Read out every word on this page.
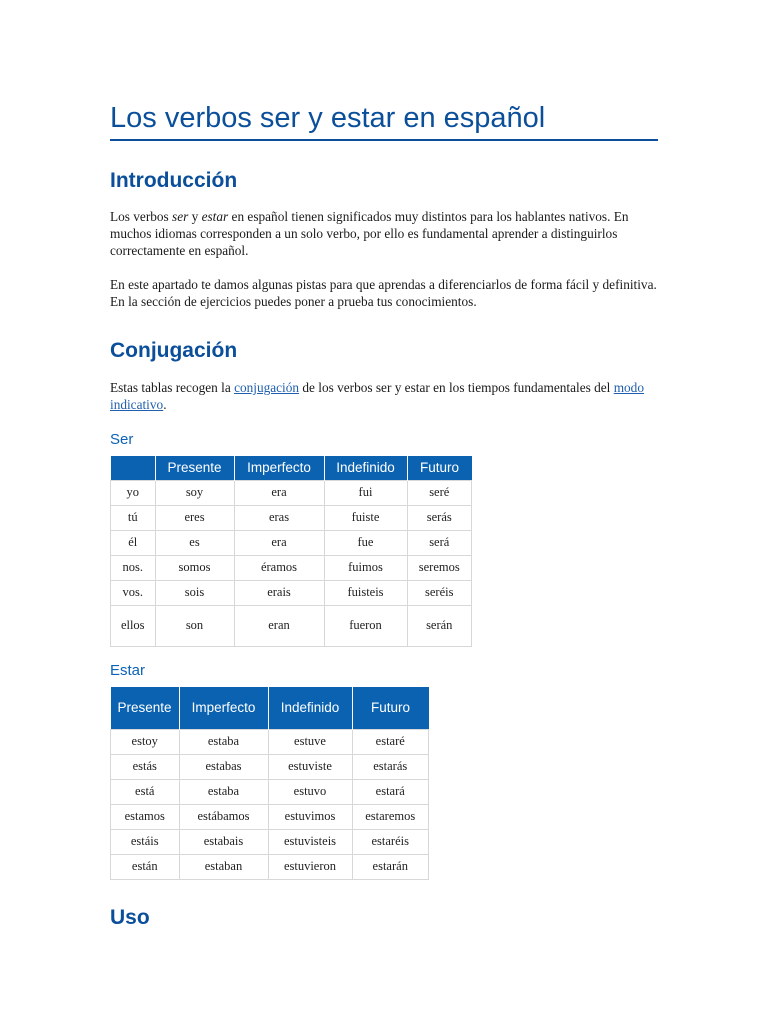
Los verbos ser y estar en español
Introducción

Los verbos ser y estar en español tienen significados muy distintos para los hablantes nativos. En muchos idiomas corresponden a un solo verbo, por ello es fundamental aprender a distinguirlos correctamente en español.

En este apartado te damos algunas pistas para que aprendas a diferenciarlos de forma fácil y definitiva. En la sección de ejercicios puedes poner a prueba tus conocimientos.

Conjugación

Estas tablas recogen la conjugación de los verbos ser y estar en los tiempos fundamentales del modo indicativo.

Ser
	Presente	Imperfecto	Indefinido	Futuro
yo	soy	era	fui	seré
tú	eres	eras	fuiste	serás
él	es	era	fue	será
nos.	somos	éramos	fuimos	seremos
vos.	sois	erais	fuisteis	seréis
ellos	son	eran	fueron	serán
Estar
Presente	Imperfecto	Indefinido	Futuro
estoy	estaba	estuve	estaré
estás	estabas	estuviste	estarás
está	estaba	estuvo	estará
estamos	estábamos	estuvimos	estaremos
estáis	estabais	estuvisteis	estaréis
están	estaban	estuvieron	estarán
Uso
